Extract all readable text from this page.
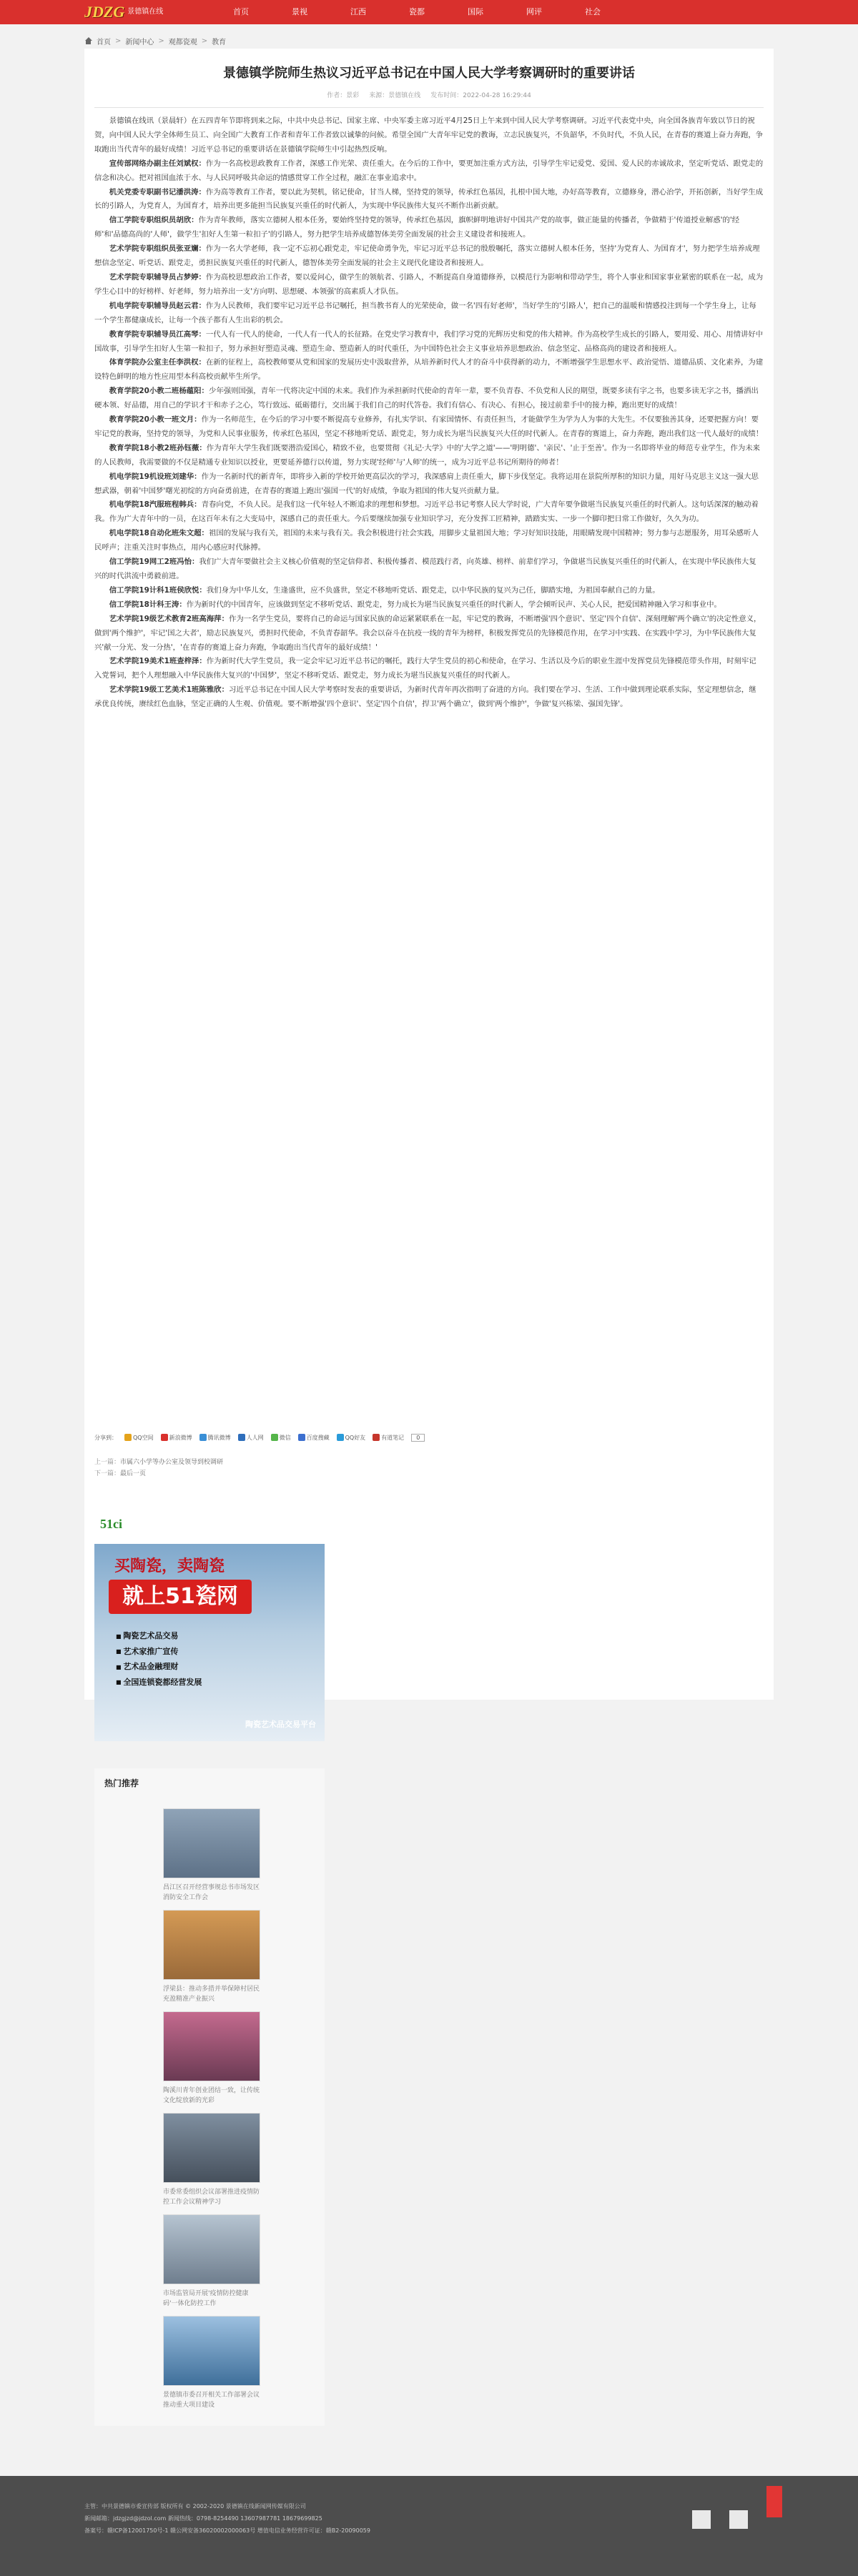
JDZG 景德镇在线	首页	景视	江西	瓷都	国际	网评	社会
首页 > 新闻中心 > 观都瓷观 > 教育
景德镇学院师生热议习近平总书记在中国人民大学考察调研时的重要讲话
作者：景彩 来源：景德镇在线 发布时间：2022-04-28 16:29:44

景德镇在线讯（景晨轩）在五四青年节即将到来之际，中共中央总书记、国家主席、中央军委主席习近平4月25日上午来到中国人民大学考察调研。习近平代表党中央，向全国各族青年致以节日的祝贺，向中国人民大学全体师生员工、向全国广大教育工作者和青年工作者致以诚挚的问候。希望全国广大青年牢记党的教诲，立志民族复兴，不负韶华，不负时代，不负人民，在青春的赛道上奋力奔跑，争取跑出当代青年的最好成绩！习近平总书记的重要讲话在景德镇学院师生中引起热烈反响。

宣传部网络办副主任刘斌权：作为一名高校思政教育工作者，深感工作光荣、责任重大。在今后的工作中，要更加注重方式方法，引导学生牢记爱党、爱国、爱人民的赤诚故求，坚定听党话、跟党走的信念和决心。把对祖国血浓于水、与人民同呼吸共命运的情感贯穿工作全过程，融汇在事业追求中。

机关党委专职副书记潘洪涛：作为高等教育工作者，要以此为契机，铭记使命，甘当人梯，坚持党的领导，传承红色基因，扎根中国大地，办好高等教育，立德修身，潜心治学，开拓创新，当好学生成长的引路人，为党育人，为国育才，培养出更多能担当民族复兴重任的时代新人，为实现中华民族伟大复兴不断作出新贡献。

信工学院专职组织员胡欣：作为青年教师，落实立德树人根本任务，要始终坚持党的领导，传承红色基因，旗帜鲜明地讲好中国共产党的故事，做正能量的传播者，争做精于'传道授业解惑'的'经师'和'品德高尚的'人师'，做学生'扣好人生第一粒扣子'的引路人，努力把学生培养成德智体美劳全面发展的社会主义建设者和接班人。

艺术学院专职组织员张亚斓：作为一名大学老师，我一定不忘初心跟党走，牢记使命勇争先，牢记习近平总书记的殷殷嘱托，落实立德树人根本任务，坚持'为党育人、为国育才'，努力把学生培养成理想信念坚定、听党话、跟党走，勇担民族复兴重任的时代新人，德智体美劳全面发展的社会主义现代化建设者和接班人。

艺术学院专职辅导员占梦婷：作为高校思想政治工作者，要以爱问心，做学生的领航者、引路人，不断提高自身道德修养，以模范行为影响和带动学生，将个人事业和国家事业紧密的联系在一起，成为学生心目中的好榜样、好老师，努力培养出一支'方向明、思想硬、本领强'的高素质人才队伍。

机电学院专职辅导员赵云君：作为人民教师，我们要牢记习近平总书记嘱托，担当教书育人的光荣使命，做一名'四有好老师'，当好学生的'引路人'，把自己的温暖和情感投注到每一个学生身上，让每一个学生都健康成长，让每一个孩子都有人生出彩的机会。

教育学院专职辅导员江高琴：一代人有一代人的使命，一代人有一代人的长征路。在党史学习教育中，我们学习党的光辉历史和党的伟大精神。作为高校学生成长的引路人，要用爱、用心、用情讲好中国故事，引导学生扣好人生第一粒扣子，努力承担好塑造灵魂、塑造生命、塑造新人的时代重任，为中国特色社会主义事业培养思想政治、信念坚定、品格高尚的建设者和接班人。

体育学院办公室主任李洪权：在新的征程上，高校教师要从党和国家的发展历史中汲取营养，从培养新时代人才的奋斗中获得新的动力，不断增强学生思想水平、政治觉悟、道德品质、文化素养，为建设特色鲜明的地方性应用型本科高校贡献毕生所学。

教育学院20小教二班杨蕴阳：少年强则国强，青年一代将决定中国的未来。我们作为承担新时代使命的青年一辈，要不负青春、不负党和人民的期望，既要多读有字之书，也要多读无字之书，播洒出硬本领、好品德，用自己的学识才干和赤子之心，笃行致远、砥砺德行，交出属于我们自己的时代答卷。我们有信心、有决心、有担心，接过前辈手中的接力棒，跑出更好的成绩！

教育学院20小教一班文月：作为一名师范生，在今后的学习中要不断提高专业修养，有扎实学识、有家国情怀、有责任担当，才能做学生为学为人为事的大先生。不仅要独善其身，还要把握方向！要牢记党的教诲，坚持党的领导，为党和人民事业服务，传承红色基因，坚定不移地听党话、跟党走，努力成长为堪当民族复兴大任的时代新人。在青春的赛道上，奋力奔跑，跑出我们这一代人最好的成绩！

教育学院18小教2班孙钰薇：作为青年大学生我们既要潜浩爱国心，精致不业，也要贯彻《礼记·大学》中的'大学之道'——'明明德'、'亲民'、'止于至善'。作为一名即将毕业的师范专业学生，作为未来的人民教师，我需要做的不仅是精通专业知识以授业，更要延养德行以传道，努力实现'经师'与'人师'的统一，成为习近平总书记所期待的师者！

机电学院19机设班刘建华：作为一名新时代的新青年，即将步入新的学校开始更高层次的学习，我深感肩上责任重大，脚下步伐坚定。我将运用在景院所厚积的知识力量，用好马克思主义这一强大思想武器，朝着'中国梦'曙光初绽的方向奋勇前进，在青春的赛道上跑出'强国一代'的好成绩，争取为祖国的伟大复兴贡献力量。

机电学院18汽服班程韩兵：青春向党，不负人民。是我们这一代年轻人不断追求的理想和梦想。习近平总书记考察人民大学时说，广大青年要争做堪当民族复兴重任的时代新人。这句话深深的触动着我。作为广大青年中的一员，在这百年未有之大变局中，深感自己的责任重大。今后要继续加强专业知识学习，充分发挥工匠精神，踏踏实实、一步一个脚印把日常工作做好，久久为功。

机电学院18自动化班朱文超：祖国的发展与我有关，祖国的未来与我有关。我会积极进行社会实践，用脚步丈量祖国大地；学习好知识技能，用眼睛发现中国精神；努力参与志愿服务，用耳朵感听人民呼声；注重关注时事热点，用内心感应时代脉搏。

信工学院19网工2班冯怡：我们广大青年要做社会主义核心价值观的坚定信仰者、积极传播者、模范践行者，向英雄、榜样、前辈们学习，争做堪当民族复兴重任的时代新人，在实现中华民族伟大复兴的时代洪流中勇毅前进。

信工学院19计科1班侯欣悦：我们身为中华儿女，生逢盛世，应不负盛世，坚定不移地听党话、跟党走，以中华民族的复兴为己任，脚踏实地，为祖国奉献自己的力量。

信工学院18计科王涛：作为新时代的中国青年，应该做到坚定不移听党话、跟党走，努力成长为堪当民族复兴重任的时代新人，学会倾听民声、关心人民，把爱国精神融入学习和事业中。

艺术学院19级艺术教育2班高海萍：作为一名学生党员，要将自己的命运与国家民族的命运紧紧联系在一起，牢记党的教诲，不断增强'四个意识'、坚定'四个自信'、深刻理解'两个确立'的决定性意义，做到'两个维护'，牢记'国之大者'，励志民族复兴，勇担时代使命，不负青春韶华。我会以奋斗在抗疫一线的青年为榜样，积极发挥党员的先锋模范作用，在学习中实践、在实践中学习，为中华民族伟大复兴'献一分光、发一分热'，'在青春的赛道上奋力奔跑，争取跑出当代青年的最好成绩！'

艺术学院19美术1班查梓泽：作为新时代大学生党员，我一定会牢记习近平总书记的嘱托，践行大学生党员的初心和使命，在学习、生活以及今后的职业生涯中发挥党员先锋模范带头作用，时刻牢记入党誓词，把个人理想融入中华民族伟大复兴的'中国梦'，坚定不移听党话、跟党走，努力成长为堪当民族复兴重任的时代新人。

艺术学院19级工艺美术1班陈雅欣：习近平总书记在中国人民大学考察时发表的重要讲话，为新时代青年再次指明了奋进的方向。我们要在学习、生活、工作中做到理论联系实际，坚定理想信念，继承优良传统，赓续红色血脉，坚定正确的人生观、价值观。要不断增强'四个意识'、坚定'四个自信'，捍卫'两个确立'，做到'两个维护'，争做'复兴栋梁、强国先锋'。

分享到：	QQ空间	新浪微博	腾讯微博	人人网	微信	百度搜藏	QQ好友	有道笔记	0
上一篇：市属六小学等办公室及领导到校调研
下一篇：最后一页
51ci
买陶瓷，卖陶瓷
就上51瓷网
■ 陶瓷艺术品交易
■ 艺术家推广宣传
■ 艺术品金融理财
■ 全国连锁瓷都经营发展
陶瓷艺术品交易平台
热门推荐
昌江区召开经营事规总书市场发区消防安全工作会
浮梁县：推动多措并举保障村居民 充盈精准产业振兴
陶溪川青年创业团结一致，让传统文化绽放新的光彩
市委常委组织会议部署推进疫情防控工作会议精神学习
市场监管局开展'疫情防控健康码'一体化防控工作
景德镇市委召开相关工作部署会议推动重大项目建设
主管：中共景德镇市委宣传部 版权所有 © 2002-2020 景德镇在线新闻网传媒有限公司
新闻邮箱：jdzgjzd@jdzol.com 新闻热线：0798-8254490 13607987781 18679699825
备案号：赣ICP备12001750号-1 赣公网安备36020002000063号 增值电信业务经营许可证：赣B2-20090059
